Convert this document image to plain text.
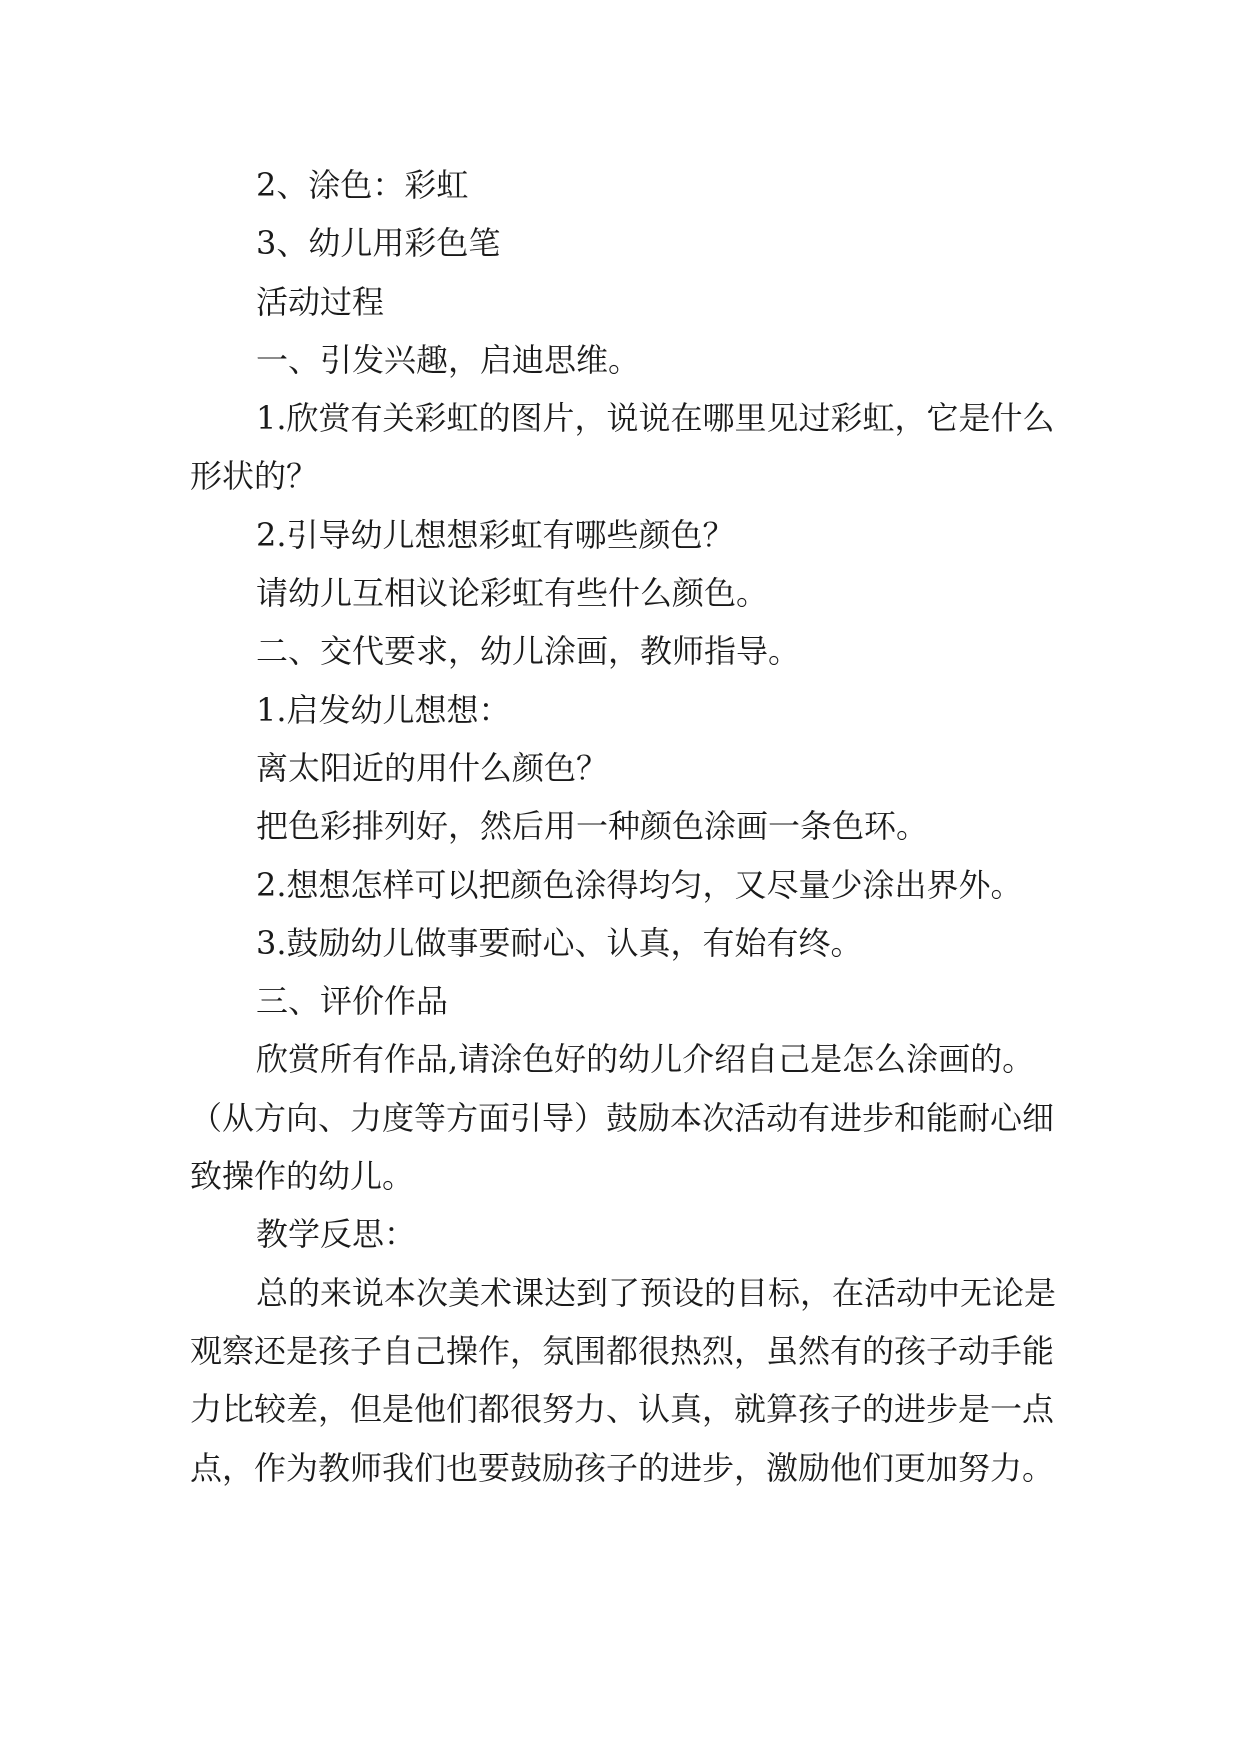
2、涂色：彩虹

3、幼儿用彩色笔

活动过程

一、引发兴趣，启迪思维。

1.欣赏有关彩虹的图片，说说在哪里见过彩虹，它是什么形状的？

2.引导幼儿想想彩虹有哪些颜色？

请幼儿互相议论彩虹有些什么颜色。

二、交代要求，幼儿涂画，教师指导。

1.启发幼儿想想：

离太阳近的用什么颜色？

把色彩排列好，然后用一种颜色涂画一条色环。

2.想想怎样可以把颜色涂得均匀，又尽量少涂出界外。

3.鼓励幼儿做事要耐心、认真，有始有终。

三、评价作品

欣赏所有作品,请涂色好的幼儿介绍自己是怎么涂画的。（从方向、力度等方面引导）鼓励本次活动有进步和能耐心细致操作的幼儿。

教学反思：

总的来说本次美术课达到了预设的目标，在活动中无论是观察还是孩子自己操作，氛围都很热烈，虽然有的孩子动手能力比较差，但是他们都很努力、认真，就算孩子的进步是一点点，作为教师我们也要鼓励孩子的进步，激励他们更加努力。
